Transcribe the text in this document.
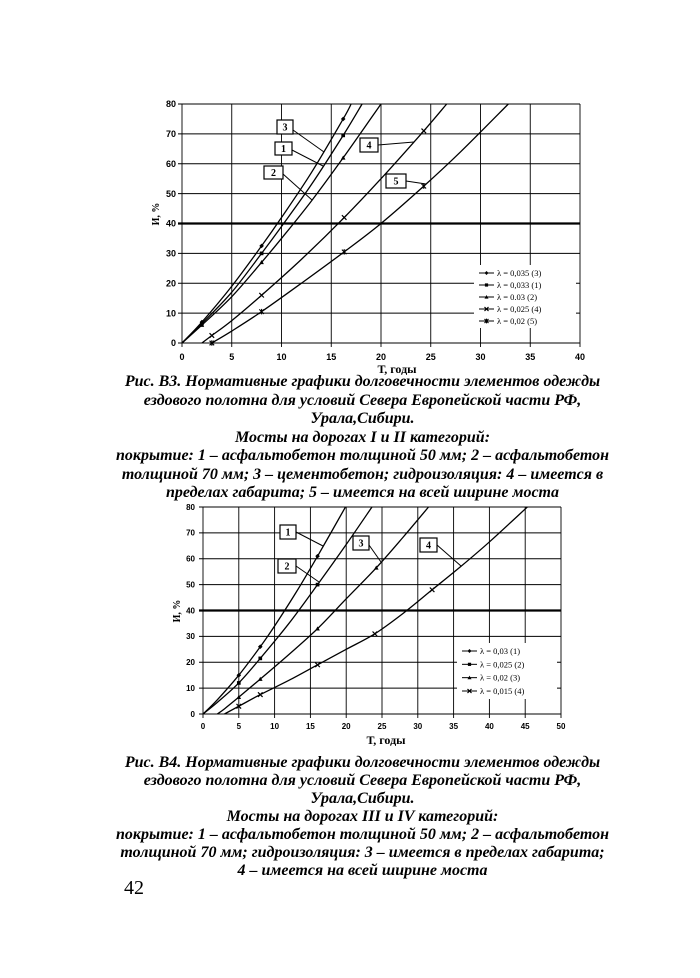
0	5	10	15	20	25	30	35	40
0
10
20
30
40
50
60
70
80
И, %
Т, годы
λ = 0,035 (3)
λ = 0,033 (1)
λ = 0.03 (2)
λ = 0,025 (4)
λ = 0,02 (5)
3
1
2
4
5
0	5	10	15	20	25	30	35	40	45	50
0
10
20
30
40
50
60
70
80
И, %
Т, годы
λ = 0,03 (1)
λ = 0,025 (2)
λ = 0,02 (3)
λ = 0,015 (4)
1
2
3	4
Рис. В3. Нормативные графики долговечности элементов одежды
ездового полотна для условий Севера Европейской части РФ,
Урала,Сибири.
Мосты на дорогах I и II категорий:
покрытие: 1 – асфальтобетон толщиной 50 мм; 2 – асфальтобетон
толщиной 70 мм; 3 – цементобетон; гидроизоляция: 4 – имеется в
пределах габарита; 5 – имеется на всей ширине моста
Рис. В4. Нормативные графики долговечности элементов одежды
ездового полотна для условий Севера Европейской части РФ,
Урала,Сибири.
Мосты на дорогах III и IV категорий:
покрытие: 1 – асфальтобетон толщиной 50 мм; 2 – асфальтобетон
толщиной 70 мм; гидроизоляция: 3 – имеется в пределах габарита;
4 – имеется на всей ширине моста
42
